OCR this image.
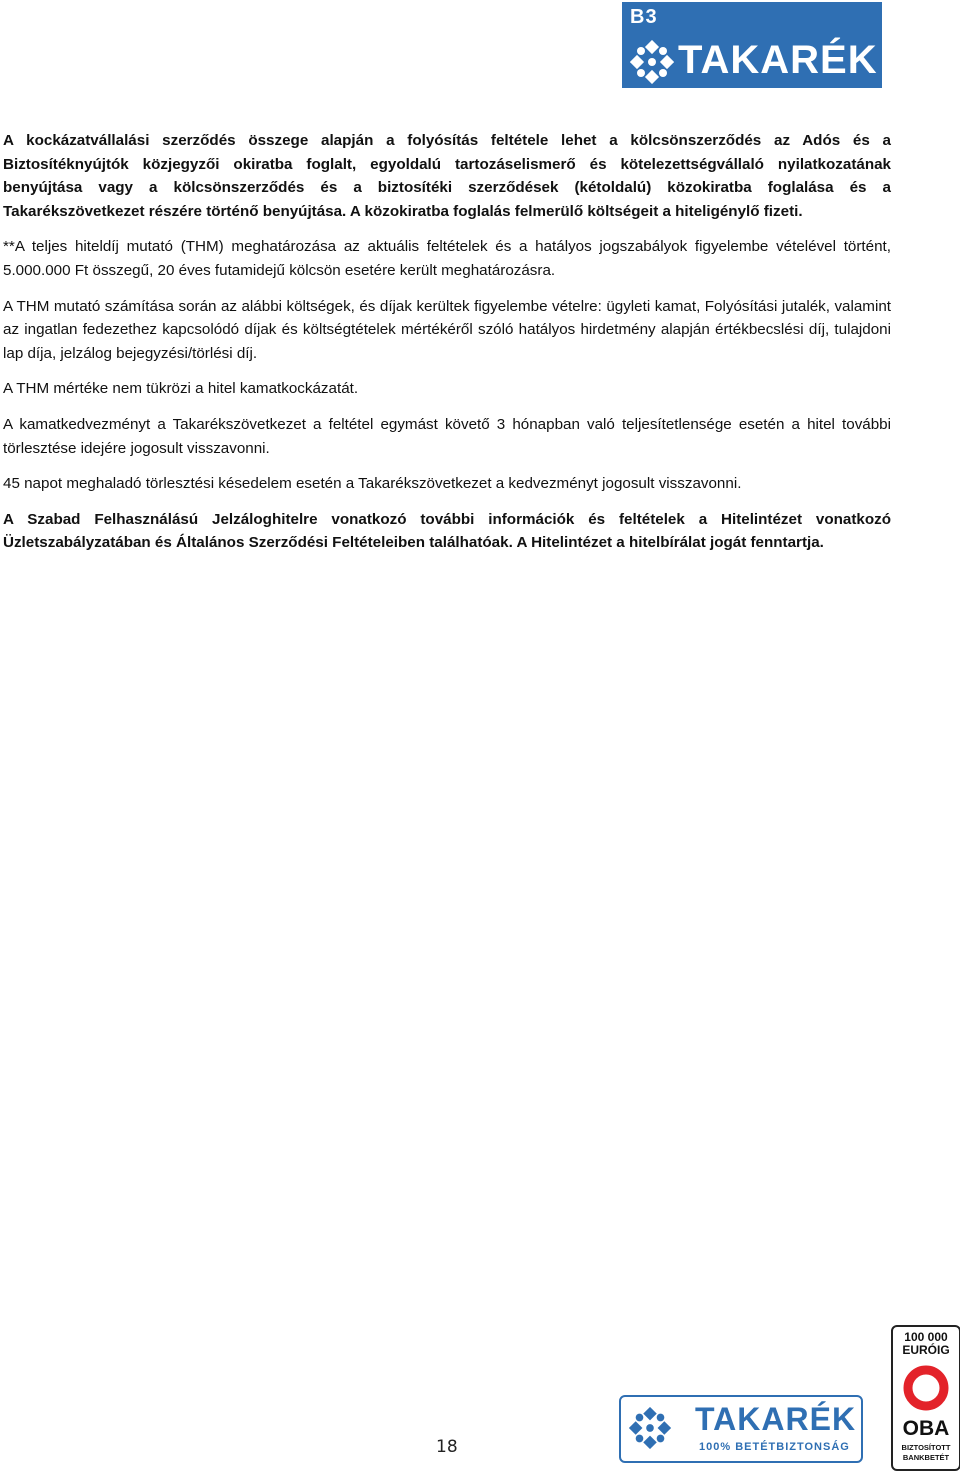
B3
TAKARÉK

A kockázatvállalási szerződés összege alapján a folyósítás feltétele lehet a kölcsönszerződés az Adós és a Biztosítéknyújtók közjegyzői okiratba foglalt, egyoldalú tartozáselismerő és kötelezettségvállaló nyilatkozatának benyújtása vagy a kölcsönszerződés és a biztosítéki szerződések (kétoldalú) közokiratba foglalása és a Takarékszövetkezet részére történő benyújtása. A közokiratba foglalás felmerülő költségeit a hiteligénylő fizeti.

**A teljes hiteldíj mutató (THM) meghatározása az aktuális feltételek és a hatályos jogszabályok figyelembe vételével történt, 5.000.000 Ft összegű, 20 éves futamidejű kölcsön esetére került meghatározásra.

A THM mutató számítása során az alábbi költségek, és díjak kerültek figyelembe vételre: ügyleti kamat, Folyósítási jutalék, valamint az ingatlan fedezethez kapcsolódó díjak és költségtételek mértékéről szóló hatályos hirdetmény alapján értékbecslési díj, tulajdoni lap díja, jelzálog bejegyzési/törlési díj.

A THM mértéke nem tükrözi a hitel kamatkockázatát.

A kamatkedvezményt a Takarékszövetkezet a feltétel egymást követő 3 hónapban való teljesítetlensége esetén a hitel további törlesztése idejére jogosult visszavonni.

45 napot meghaladó törlesztési késedelem esetén a Takarékszövetkezet a kedvezményt jogosult visszavonni.

A Szabad Felhasználású Jelzáloghitelre vonatkozó további információk és feltételek a Hitelintézet vonatkozó Üzletszabályzatában és Általános Szerződési Feltételeiben találhatóak. A Hitelintézet a hitelbírálat jogát fenntartja.

18
TAKARÉK
100% BETÉTBIZTONSÁG
100 000
EURÓIG
OBA
BIZTOSÍTOTT
BANKBETÉT
